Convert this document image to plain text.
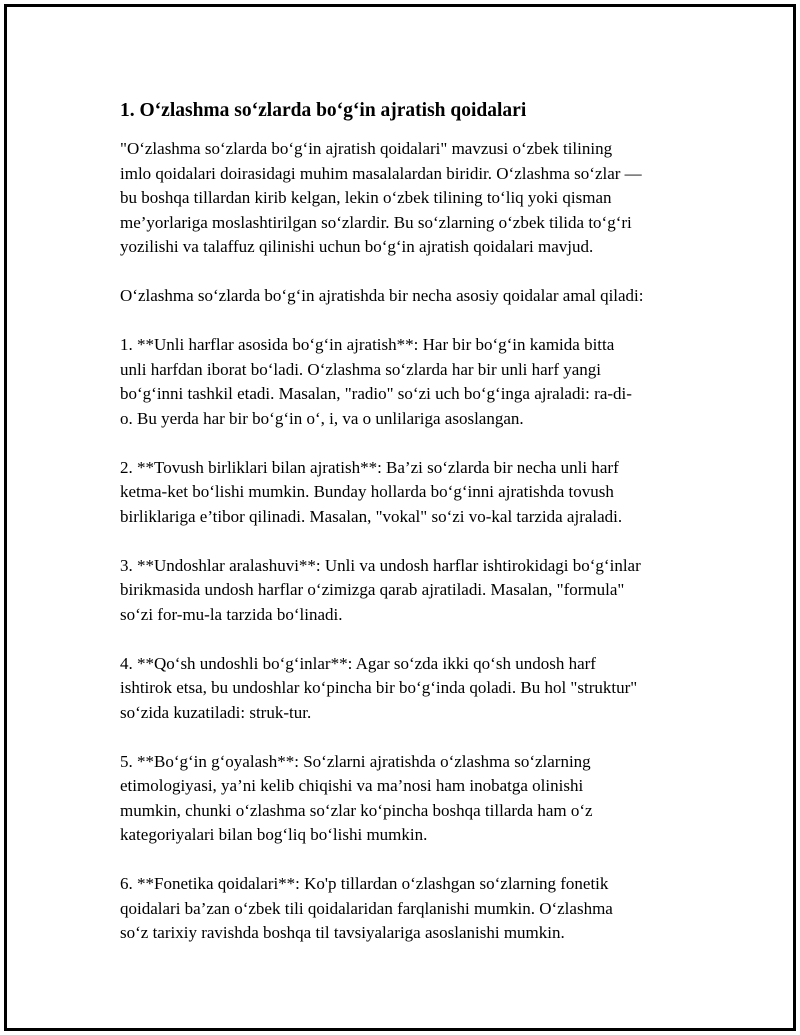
1. O‘zlashma so‘zlarda bo‘g‘in ajratish qoidalari

"O‘zlashma so‘zlarda bo‘g‘in ajratish qoidalari" mavzusi o‘zbek tilining
imlo qoidalari doirasidagi muhim masalalardan biridir. O‘zlashma so‘zlar —
bu boshqa tillardan kirib kelgan, lekin o‘zbek tilining to‘liq yoki qisman
me’yorlariga moslashtirilgan so‘zlardir. Bu so‘zlarning o‘zbek tilida to‘g‘ri
yozilishi va talaffuz qilinishi uchun bo‘g‘in ajratish qoidalari mavjud.

O‘zlashma so‘zlarda bo‘g‘in ajratishda bir necha asosiy qoidalar amal qiladi:

1. **Unli harflar asosida bo‘g‘in ajratish**: Har bir bo‘g‘in kamida bitta
unli harfdan iborat bo‘ladi. O‘zlashma so‘zlarda har bir unli harf yangi
bo‘g‘inni tashkil etadi. Masalan, "radio" so‘zi uch bo‘g‘inga ajraladi: ra-di-
o. Bu yerda har bir bo‘g‘in o‘, i, va o unlilariga asoslangan.

2. **Tovush birliklari bilan ajratish**: Ba’zi so‘zlarda bir necha unli harf
ketma-ket bo‘lishi mumkin. Bunday hollarda bo‘g‘inni ajratishda tovush
birliklariga e’tibor qilinadi. Masalan, "vokal" so‘zi vo-kal tarzida ajraladi.

3. **Undoshlar aralashuvi**: Unli va undosh harflar ishtirokidagi bo‘g‘inlar
birikmasida undosh harflar o‘zimizga qarab ajratiladi. Masalan, "formula"
so‘zi for-mu-la tarzida bo‘linadi.

4. **Qo‘sh undoshli bo‘g‘inlar**: Agar so‘zda ikki qo‘sh undosh harf
ishtirok etsa, bu undoshlar ko‘pincha bir bo‘g‘inda qoladi. Bu hol "struktur"
so‘zida kuzatiladi: struk-tur.

5. **Bo‘g‘in g‘oyalash**: So‘zlarni ajratishda o‘zlashma so‘zlarning
etimologiyasi, ya’ni kelib chiqishi va ma’nosi ham inobatga olinishi
mumkin, chunki o‘zlashma so‘zlar ko‘pincha boshqa tillarda ham o‘z
kategoriyalari bilan bog‘liq bo‘lishi mumkin.

6. **Fonetika qoidalari**: Ko'p tillardan o‘zlashgan so‘zlarning fonetik
qoidalari ba’zan o‘zbek tili qoidalaridan farqlanishi mumkin. O‘zlashma
so‘z tarixiy ravishda boshqa til tavsiyalariga asoslanishi mumkin.
